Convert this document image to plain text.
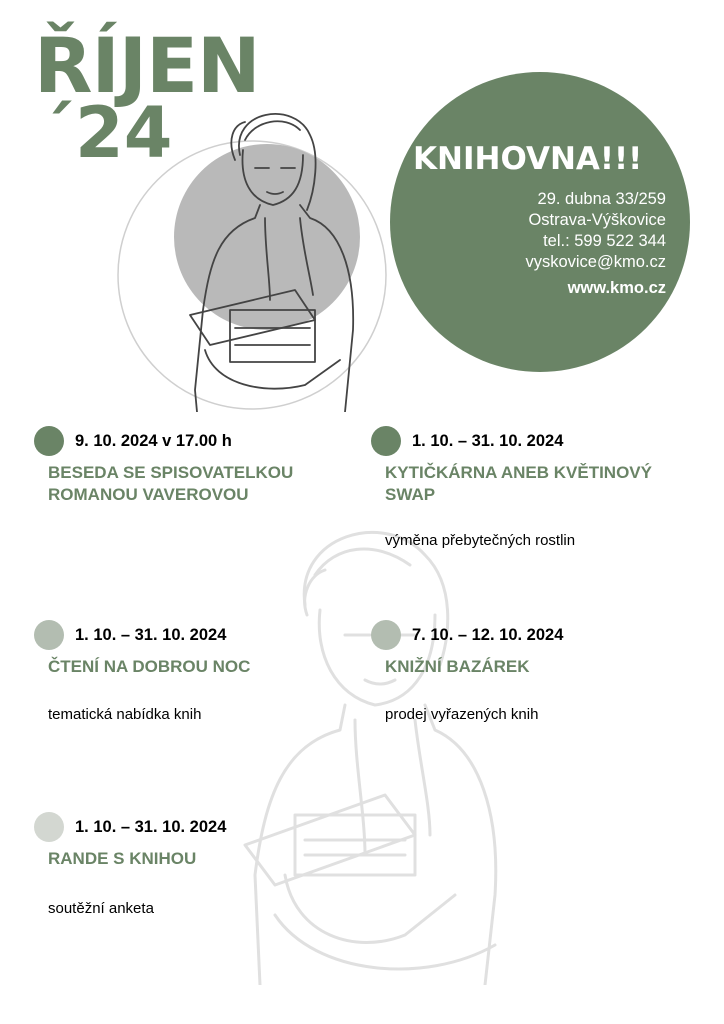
ŘÍJEN
´24	KNIHOVNA!!!
29. dubna 33/259
Ostrava-Výškovice
tel.: 599 522 344
vyskovice@kmo.cz
www.kmo.cz
9. 10. 2024 v 17.00 h
BESEDA SE SPISOVATELKOU ROMANOU VAVEROVOU
1. 10. – 31. 10. 2024
KYTIČKÁRNA ANEB KVĚTINOVÝ SWAP
výměna přebytečných rostlin
1. 10. – 31. 10. 2024
ČTENÍ NA DOBROU NOC
tematická nabídka knih
7. 10. – 12. 10. 2024
KNIŽNÍ BAZÁREK
prodej vyřazených knih
1. 10. – 31. 10. 2024
RANDE S KNIHOU
soutěžní anketa
